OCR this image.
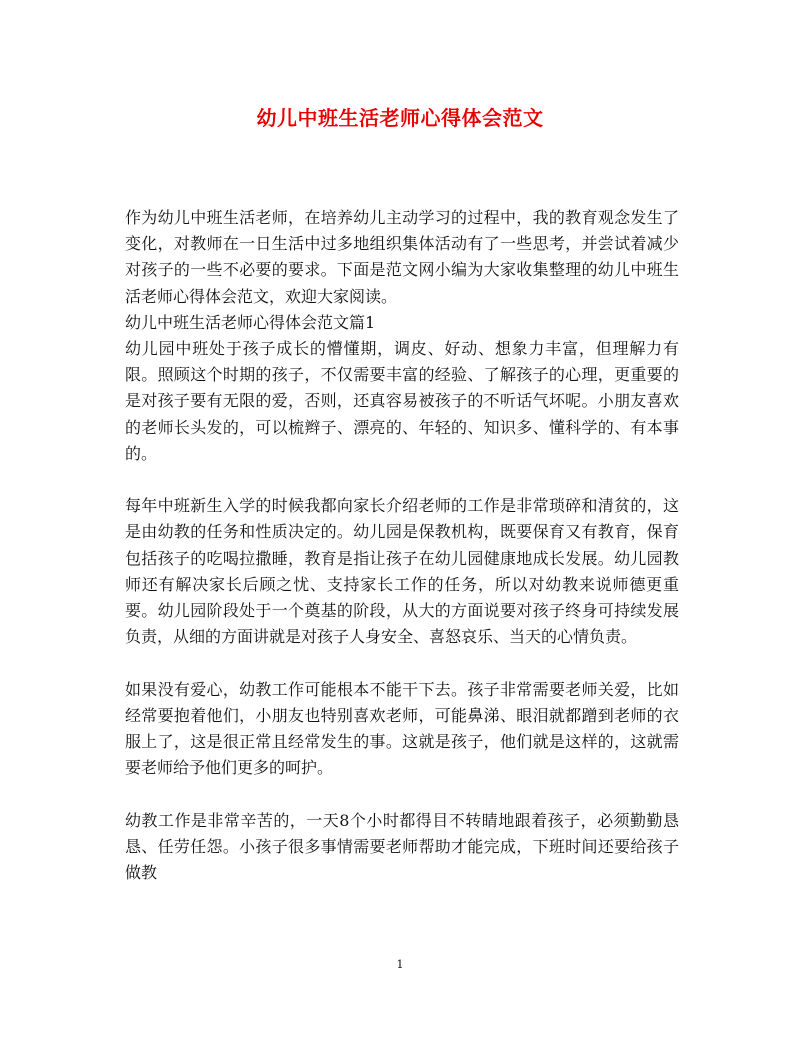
幼儿中班生活老师心得体会范文

作为幼儿中班生活老师，在培养幼儿主动学习的过程中，我的教育观念发生了变化，对教师在一日生活中过多地组织集体活动有了一些思考，并尝试着减少对孩子的一些不必要的要求。下面是范文网小编为大家收集整理的幼儿中班生活老师心得体会范文，欢迎大家阅读。

幼儿中班生活老师心得体会范文篇1

幼儿园中班处于孩子成长的懵懂期，调皮、好动、想象力丰富，但理解力有限。照顾这个时期的孩子，不仅需要丰富的经验、了解孩子的心理，更重要的是对孩子要有无限的爱，否则，还真容易被孩子的不听话气坏呢。小朋友喜欢的老师长头发的，可以梳辫子、漂亮的、年轻的、知识多、懂科学的、有本事的。

每年中班新生入学的时候我都向家长介绍老师的工作是非常琐碎和清贫的，这是由幼教的任务和性质决定的。幼儿园是保教机构，既要保育又有教育，保育包括孩子的吃喝拉撒睡，教育是指让孩子在幼儿园健康地成长发展。幼儿园教师还有解决家长后顾之忧、支持家长工作的任务，所以对幼教来说师德更重要。幼儿园阶段处于一个奠基的阶段，从大的方面说要对孩子终身可持续发展负责，从细的方面讲就是对孩子人身安全、喜怒哀乐、当天的心情负责。

如果没有爱心，幼教工作可能根本不能干下去。孩子非常需要老师关爱，比如经常要抱着他们，小朋友也特别喜欢老师，可能鼻涕、眼泪就都蹭到老师的衣服上了，这是很正常且经常发生的事。这就是孩子，他们就是这样的，这就需要老师给予他们更多的呵护。

幼教工作是非常辛苦的，一天8个小时都得目不转睛地跟着孩子，必须勤勤恳恳、任劳任怨。小孩子很多事情需要老师帮助才能完成，下班时间还要给孩子做教

1
